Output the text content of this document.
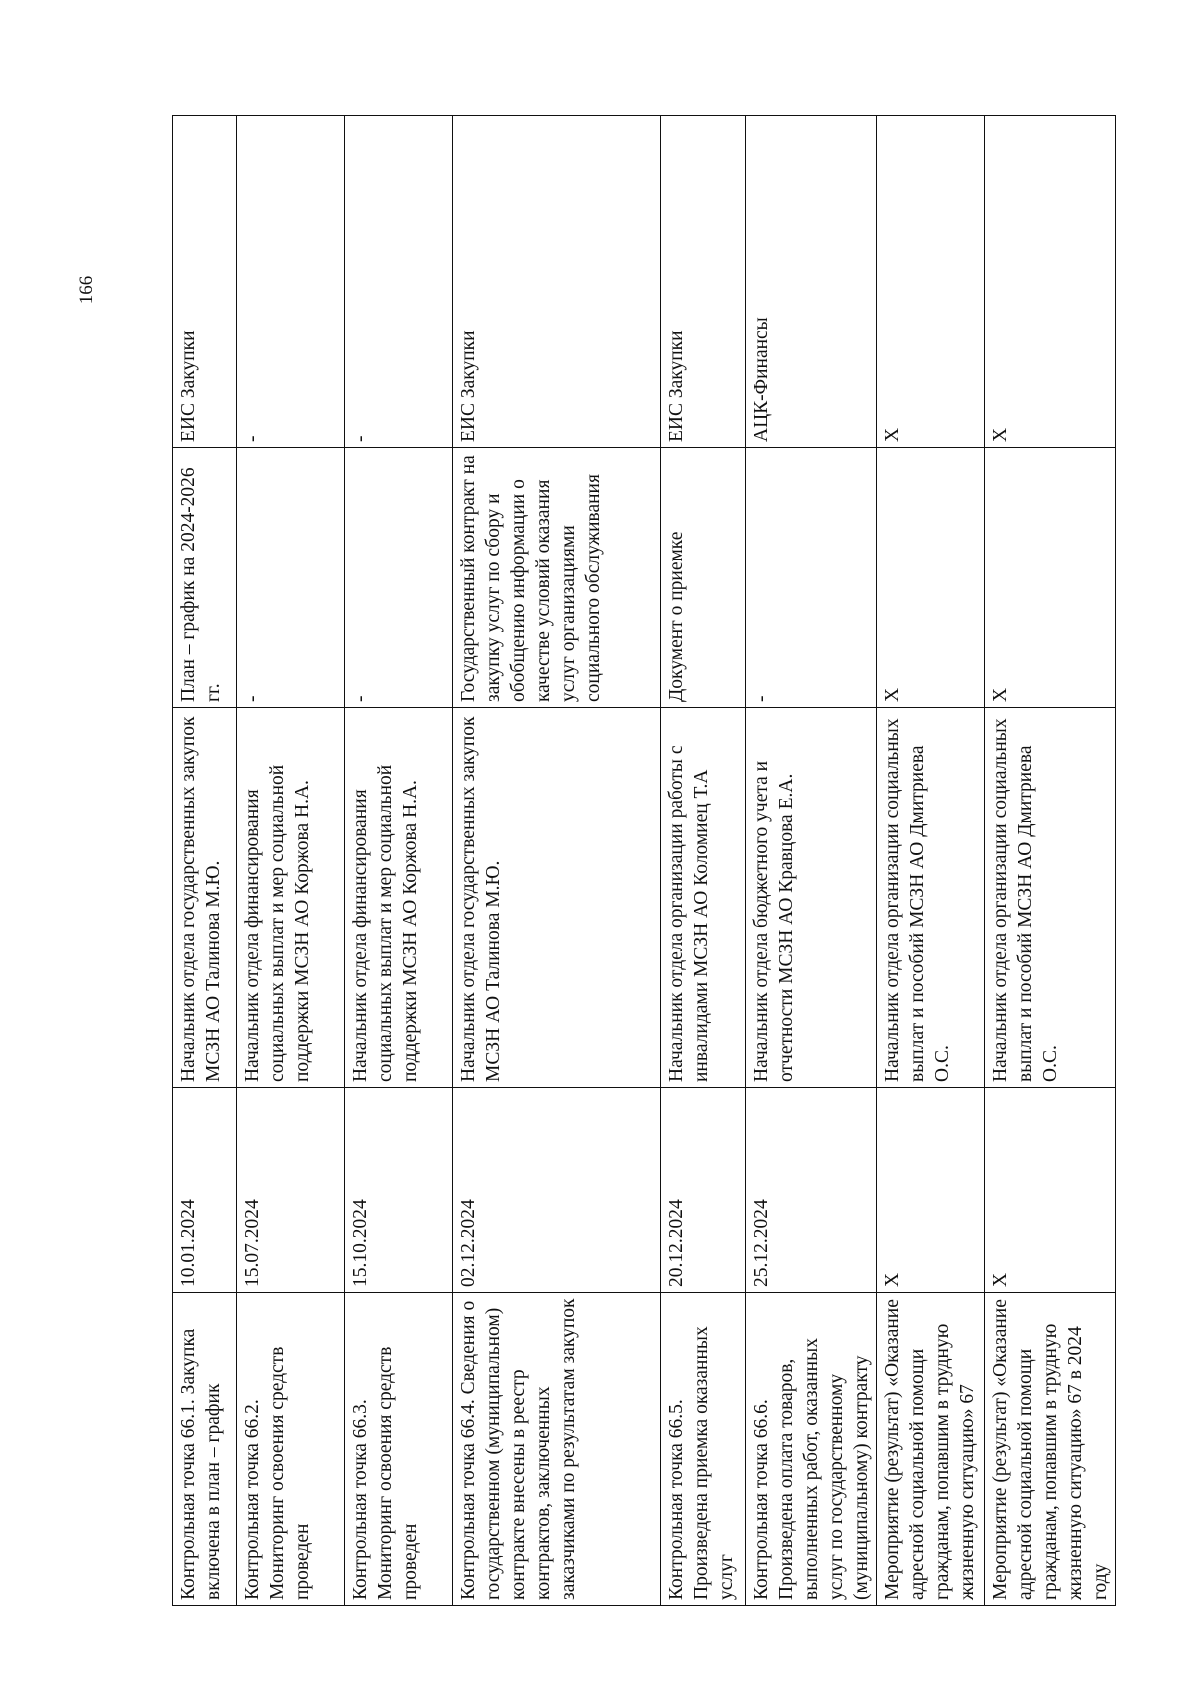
166
Контрольная точка 66.1. Закупка включена в план – график	10.01.2024	Начальник отдела государственных закупок МСЗН АО Талинова М.Ю.	План – график на 2024-2026 гг.	ЕИС Закупки
Контрольная точка 66.2. Мониторинг освоения средств проведен	15.07.2024	Начальник отдела финансирования социальных выплат и мер социальной поддержки МСЗН АО Коржова Н.А.	-	-
Контрольная точка 66.3. Мониторинг освоения средств проведен	15.10.2024	Начальник отдела финансирования социальных выплат и мер социальной поддержки МСЗН АО Коржова Н.А.	-	-
Контрольная точка 66.4. Сведения о государственном (муниципальном) контракте внесены в реестр контрактов, заключенных заказчиками по результатам закупок	02.12.2024	Начальник отдела государственных закупок МСЗН АО Талинова М.Ю.	Государственный контракт на закупку услуг по сбору и обобщению информации о качестве условий оказания услуг организациями социального обслуживания	ЕИС Закупки
Контрольная точка 66.5. Произведена приемка оказанных услуг	20.12.2024	Начальник отдела организации работы с инвалидами МСЗН АО Коломиец Т.А	Документ о приемке	ЕИС Закупки
Контрольная точка 66.6. Произведена оплата товаров, выполненных работ, оказанных услуг по государственному (муниципальному) контракту	25.12.2024	Начальник отдела бюджетного учета и отчетности МСЗН АО Кравцова Е.А.	-	АЦК-Финансы
Мероприятие (результат) «Оказание адресной социальной помощи гражданам, попавшим в трудную жизненную ситуацию» 67	X	Начальник отдела организации социальных выплат и пособий МСЗН АО Дмитриева О.С.	X	X
Мероприятие (результат) «Оказание адресной социальной помощи гражданам, попавшим в трудную жизненную ситуацию» 67 в 2024 году	X	Начальник отдела организации социальных выплат и пособий МСЗН АО Дмитриева О.С.	X	X
